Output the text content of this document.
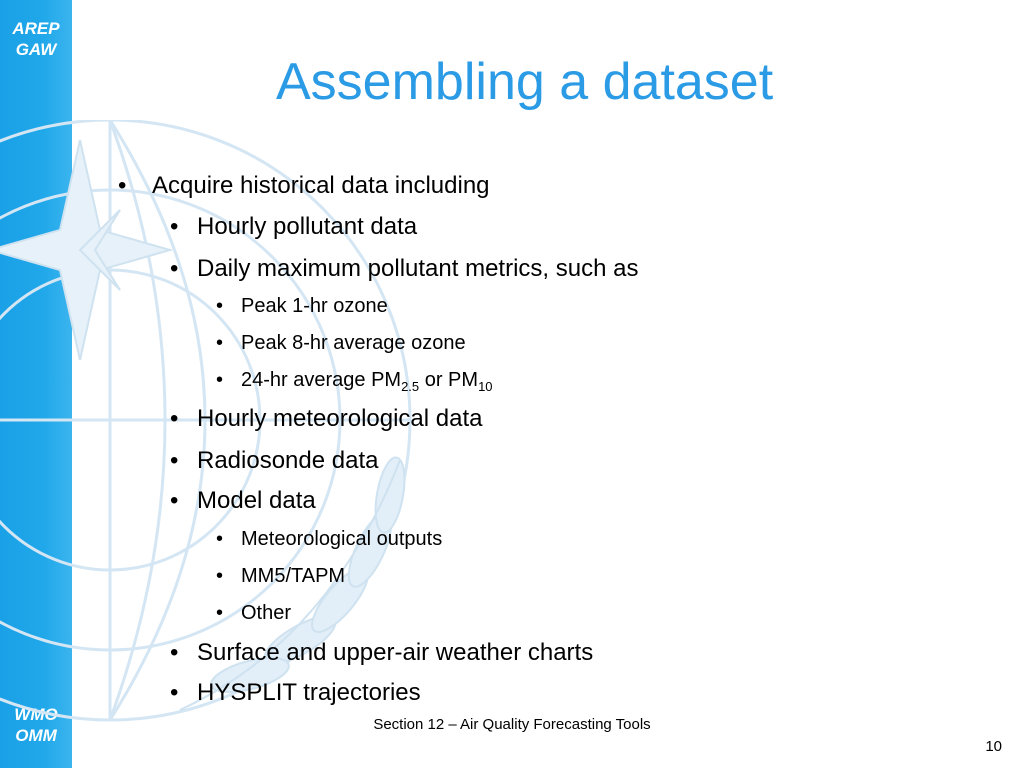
AREP
GAW
WMO
OMM
Assembling a dataset
• Acquire historical data including
• Hourly pollutant data
• Daily maximum pollutant metrics, such as
• Peak 1-hr ozone
• Peak 8-hr average ozone
• 24-hr average $PM_{2.5}$ or $PM_{10}$
• Hourly meteorological data
• Radiosonde data
• Model data
• Meteorological outputs
• MM5/TAPM
• Other
• Surface and upper-air weather charts
• HYSPLIT trajectories
Section 12 – Air Quality Forecasting Tools
10
